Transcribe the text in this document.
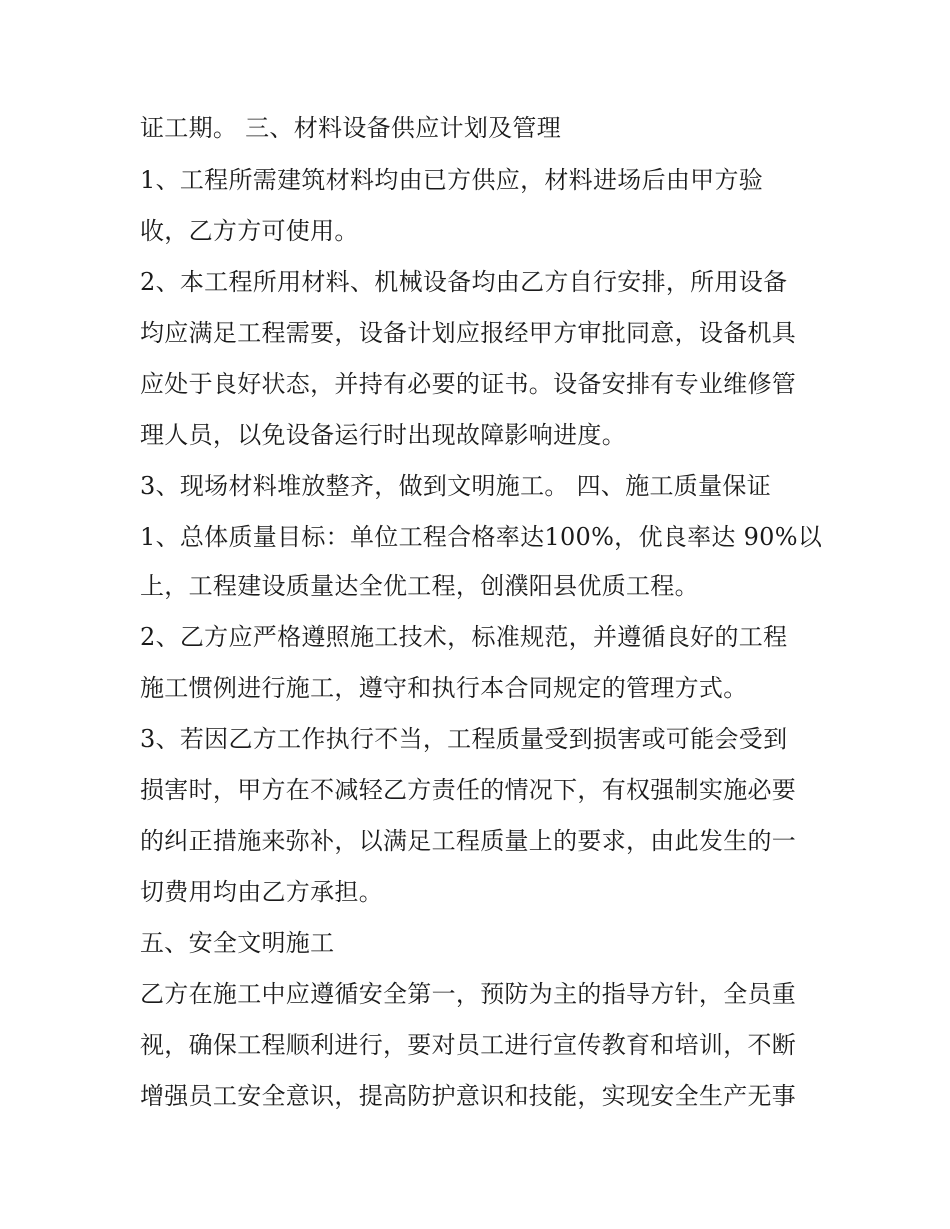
证工期。 三、材料设备供应计划及管理

1、工程所需建筑材料均由已方供应，材料进场后由甲方验

收，乙方方可使用。

2、本工程所用材料、机械设备均由乙方自行安排，所用设备

均应满足工程需要，设备计划应报经甲方审批同意，设备机具

应处于良好状态，并持有必要的证书。设备安排有专业维修管

理人员，以免设备运行时出现故障影响进度。

3、现场材料堆放整齐，做到文明施工。 四、施工质量保证

1、总体质量目标：单位工程合格率达100%，优良率达 90%以

上，工程建设质量达全优工程，创濮阳县优质工程。

2、乙方应严格遵照施工技术，标准规范，并遵循良好的工程

施工惯例进行施工，遵守和执行本合同规定的管理方式。

3、若因乙方工作执行不当，工程质量受到损害或可能会受到

损害时，甲方在不减轻乙方责任的情况下，有权强制实施必要

的纠正措施来弥补，以满足工程质量上的要求，由此发生的一

切费用均由乙方承担。

五、安全文明施工

乙方在施工中应遵循安全第一，预防为主的指导方针，全员重

视，确保工程顺利进行，要对员工进行宣传教育和培训，不断

增强员工安全意识，提高防护意识和技能，实现安全生产无事
